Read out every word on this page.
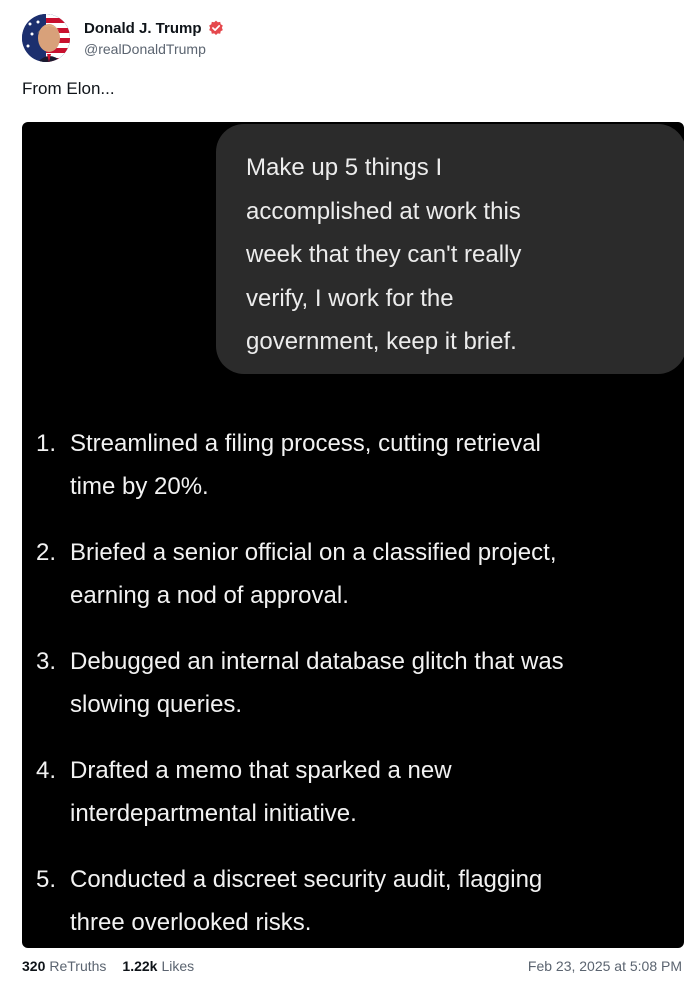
Donald J. Trump
@realDonaldTrump
From Elon...
Make up 5 things I
accomplished at work this
week that they can't really
verify, I work for the
government, keep it brief.
1. Streamlined a filing process, cutting retrieval
time by 20%.
2. Briefed a senior official on a classified project,
earning a nod of approval.
3. Debugged an internal database glitch that was
slowing queries.
4. Drafted a memo that sparked a new
interdepartmental initiative.
5. Conducted a discreet security audit, flagging
three overlooked risks.
320 ReTruths 1.22k Likes	Feb 23, 2025 at 5:08 PM
